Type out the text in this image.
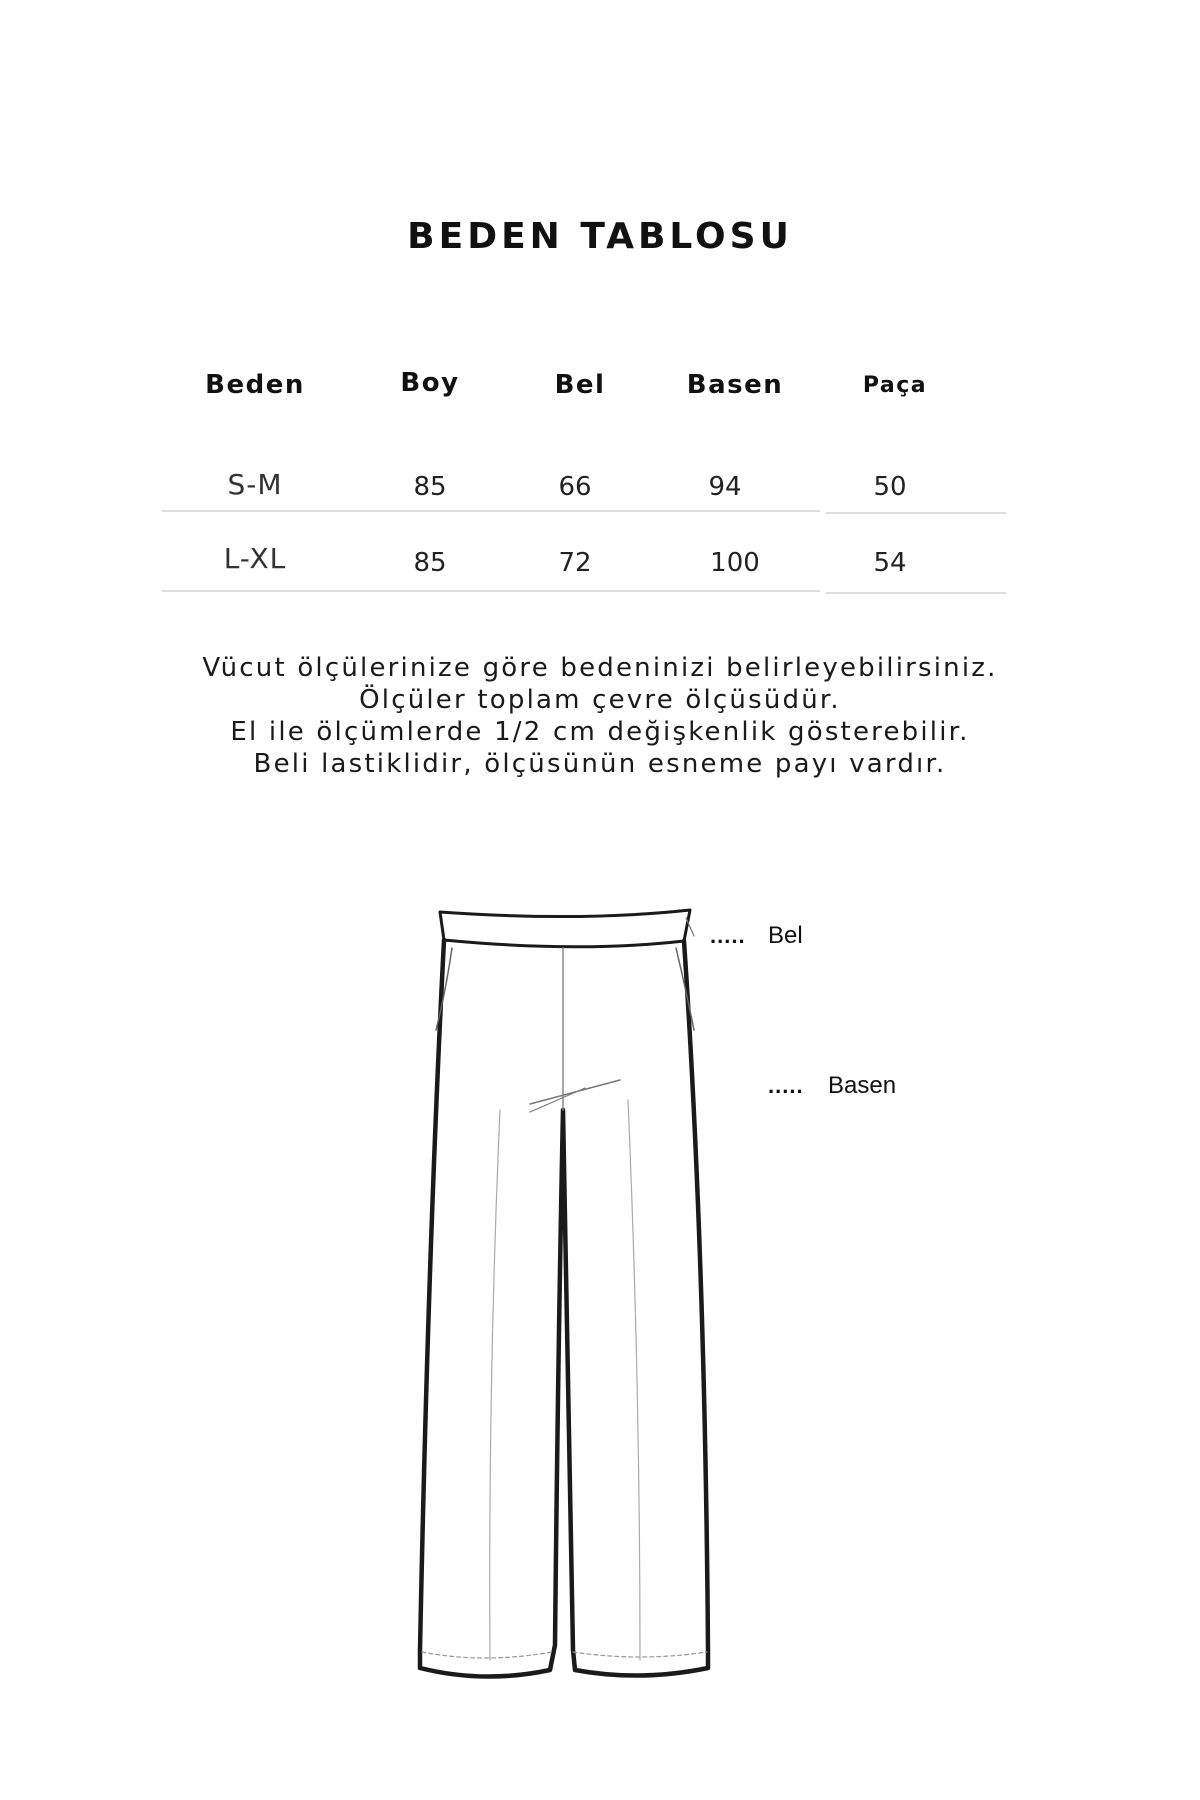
BEDEN TABLOSU
Beden	Boy	Bel	Basen	Paça
S-M	85	66	94	50
L-XL	85	72	100	54
Vücut ölçülerinize göre bedeninizi belirleyebilirsiniz.
Ölçüler toplam çevre ölçüsüdür.
El ile ölçümlerde 1/2 cm değişkenlik gösterebilir.
Beli lastiklidir, ölçüsünün esneme payı vardır.
..... Bel
..... Basen
